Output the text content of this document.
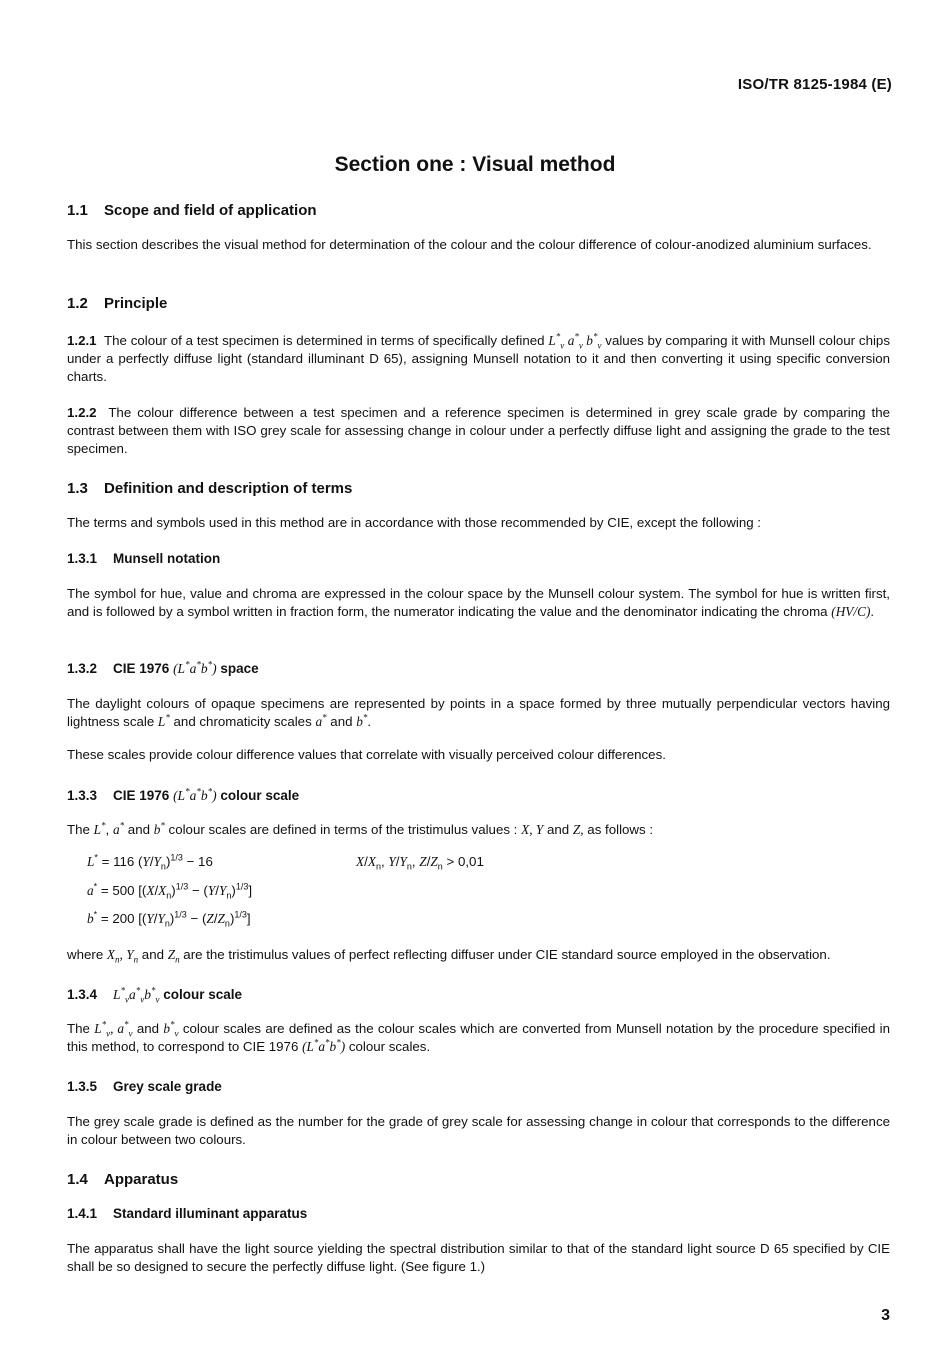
ISO/TR 8125-1984 (E)
Section one : Visual method
1.1 Scope and field of application
This section describes the visual method for determination of the colour and the colour difference of colour-anodized aluminium surfaces.
1.2 Principle
1.2.1 The colour of a test specimen is determined in terms of specifically defined $L^*_v$ $a^*_v$ $b^*_v$ values by comparing it with Munsell colour chips under a perfectly diffuse light (standard illuminant D 65), assigning Munsell notation to it and then converting it using specific conversion charts.
1.2.2 The colour difference between a test specimen and a reference specimen is determined in grey scale grade by comparing the contrast between them with ISO grey scale for assessing change in colour under a perfectly diffuse light and assigning the grade to the test specimen.
1.3 Definition and description of terms
The terms and symbols used in this method are in accordance with those recommended by CIE, except the following :
1.3.1 Munsell notation
The symbol for hue, value and chroma are expressed in the colour space by the Munsell colour system. The symbol for hue is written first, and is followed by a symbol written in fraction form, the numerator indicating the value and the denominator indicating the chroma (HV/C).
1.3.2 CIE 1976 (L*a*b*) space
The daylight colours of opaque specimens are represented by points in a space formed by three mutually perpendicular vectors having lightness scale L* and chromaticity scales a* and b*.
These scales provide colour difference values that correlate with visually perceived colour differences.
1.3.3 CIE 1976 (L*a*b*) colour scale
The L*, a* and b* colour scales are defined in terms of the tristimulus values : X, Y and Z, as follows :
L* = 116 $(Y/Y_n)^{1/3} - 16$	$X/X_n$, $Y/Y_n$, $Z/Z_n > 0,01$
a* = 500 $[(X/X_n)^{1/3} - (Y/Y_n)^{1/3}]$
b* = 200 $[(Y/Y_n)^{1/3} - (Z/Z_n)^{1/3}]$
where $X_n$, $Y_n$ and $Z_n$ are the tristimulus values of perfect reflecting diffuser under CIE standard source employed in the observation.
1.3.4 $L^*_va^*_vb^*_v$ colour scale
The $L^*_v$, $a^*_v$ and $b^*_v$ colour scales are defined as the colour scales which are converted from Munsell notation by the procedure specified in this method, to correspond to CIE 1976 (L*a*b*) colour scales.
1.3.5 Grey scale grade
The grey scale grade is defined as the number for the grade of grey scale for assessing change in colour that corresponds to the difference in colour between two colours.
1.4 Apparatus
1.4.1 Standard illuminant apparatus
The apparatus shall have the light source yielding the spectral distribution similar to that of the standard light source D 65 specified by CIE shall be so designed to secure the perfectly diffuse light. (See figure 1.)
3
